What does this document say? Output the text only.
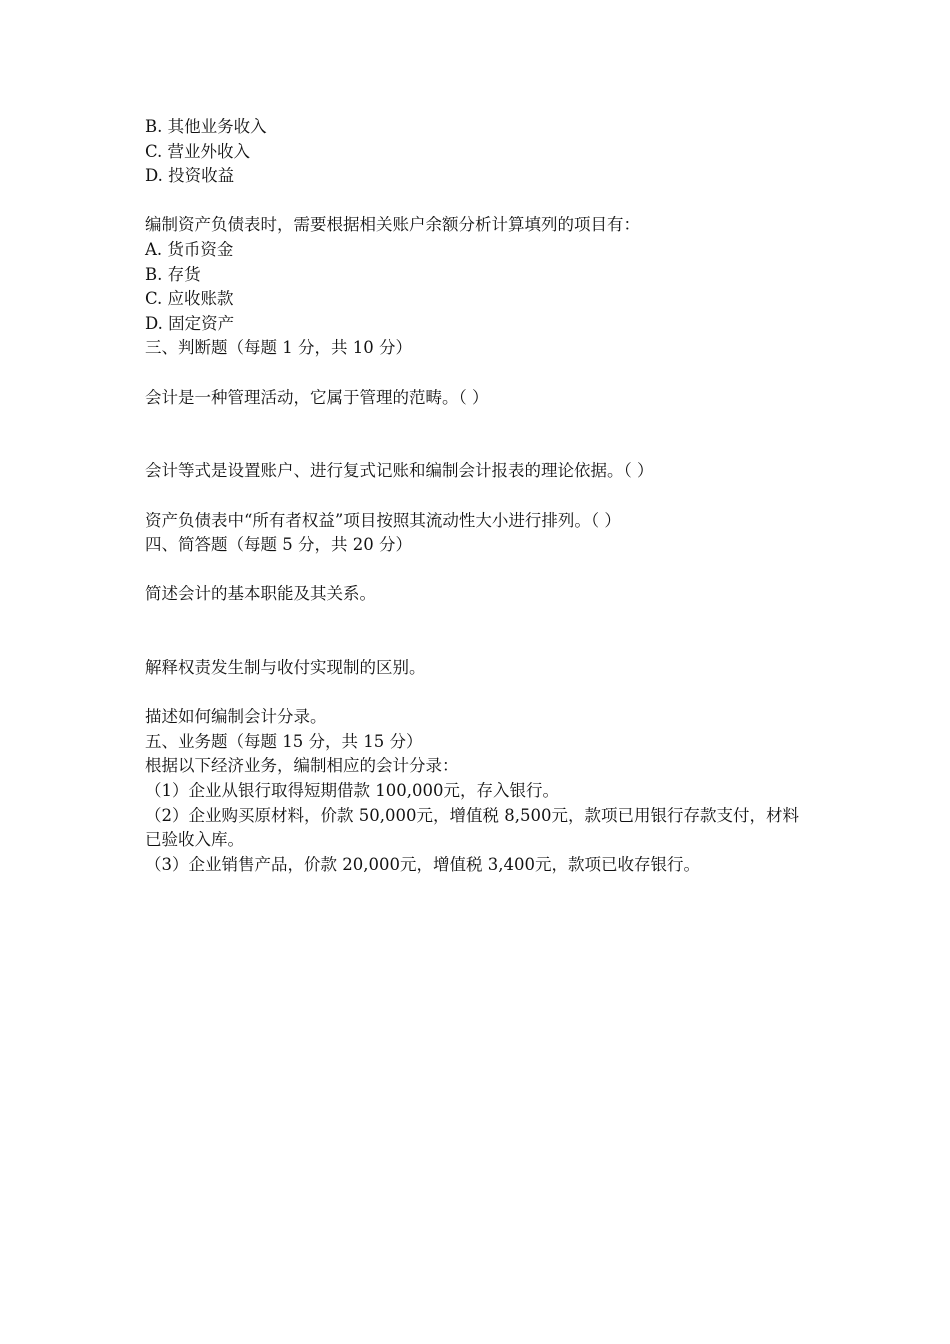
B. 其他业务收入
C. 营业外收入
D. 投资收益
编制资产负债表时，需要根据相关账户余额分析计算填列的项目有：
A. 货币资金
B. 存货
C. 应收账款
D. 固定资产
三、判断题（每题 1 分，共 10 分）
会计是一种管理活动，它属于管理的范畴。（ ）
会计等式是设置账户、进行复式记账和编制会计报表的理论依据。（ ）
资产负债表中“所有者权益”项目按照其流动性大小进行排列。（ ）
四、简答题（每题 5 分，共 20 分）
简述会计的基本职能及其关系。
解释权责发生制与收付实现制的区别。
描述如何编制会计分录。
五、业务题（每题 15 分，共 15 分）
根据以下经济业务，编制相应的会计分录：
（1）企业从银行取得短期借款 100,000元，存入银行。
（2）企业购买原材料，价款 50,000元，增值税 8,500元，款项已用银行存款支付，材料已验收入库。
（3）企业销售产品，价款 20,000元，增值税 3,400元，款项已收存银行。
